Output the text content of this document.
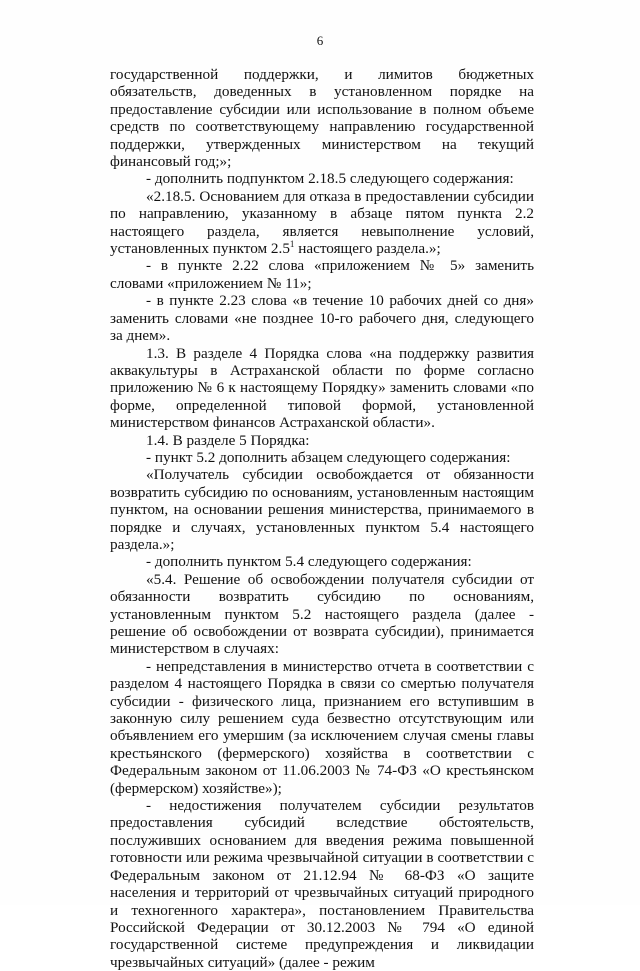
6

государственной поддержки, и лимитов бюджетных обязательств, доведенных в установленном порядке на предоставление субсидии или использование в полном объеме средств по соответствующему направлению государственной поддержки, утвержденных министерством на текущий финансовый год;»;

- дополнить подпунктом 2.18.5 следующего содержания:

«2.18.5. Основанием для отказа в предоставлении субсидии по направлению, указанному в абзаце пятом пункта 2.2 настоящего раздела, является невыполнение условий, установленных пунктом $2.5^1$ настоящего раздела.»;

- в пункте 2.22 слова «приложением № 5» заменить словами «приложением № 11»;

- в пункте 2.23 слова «в течение 10 рабочих дней со дня» заменить словами «не позднее 10-го рабочего дня, следующего за днем».

1.3. В разделе 4 Порядка слова «на поддержку развития аквакультуры в Астраханской области по форме согласно приложению № 6 к настоящему Порядку» заменить словами «по форме, определенной типовой формой, установленной министерством финансов Астраханской области».

1.4. В разделе 5 Порядка:

- пункт 5.2 дополнить абзацем следующего содержания:

«Получатель субсидии освобождается от обязанности возвратить субсидию по основаниям, установленным настоящим пунктом, на основании решения министерства, принимаемого в порядке и случаях, установленных пунктом 5.4 настоящего раздела.»;

- дополнить пунктом 5.4 следующего содержания:

«5.4. Решение об освобождении получателя субсидии от обязанности возвратить субсидию по основаниям, установленным пунктом 5.2 настоящего раздела (далее - решение об освобождении от возврата субсидии), принимается министерством в случаях:

- непредставления в министерство отчета в соответствии с разделом 4 настоящего Порядка в связи со смертью получателя субсидии - физического лица, признанием его вступившим в законную силу решением суда безвестно отсутствующим или объявлением его умершим (за исключением случая смены главы крестьянского (фермерского) хозяйства в соответствии с Федеральным законом от 11.06.2003 № 74-ФЗ «О крестьянском (фермерском) хозяйстве»);

- недостижения получателем субсидии результатов предоставления субсидий вследствие обстоятельств, послуживших основанием для введения режима повышенной готовности или режима чрезвычайной ситуации в соответствии с Федеральным законом от 21.12.94 № 68-ФЗ «О защите населения и территорий от чрезвычайных ситуаций природного и техногенного характера», постановлением Правительства Российской Федерации от 30.12.2003 № 794 «О единой государственной системе предупреждения и ликвидации чрезвычайных ситуаций» (далее - режим
